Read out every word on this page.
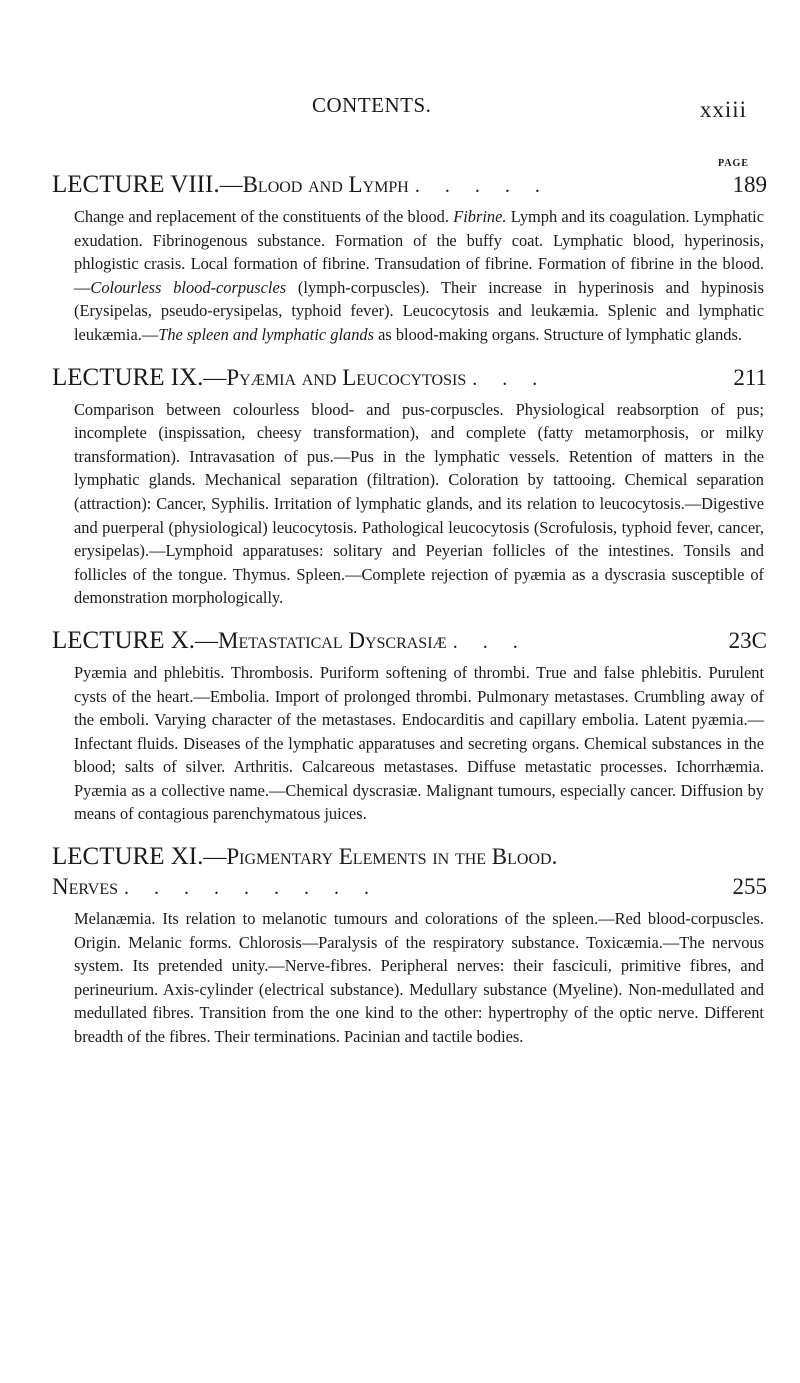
CONTENTS.	xxiii
PAGE
LECTURE VIII. —Blood and Lymph . . . . .	189

Change and replacement of the constituents of the blood. Fibrine. Lymph and its coagulation. Lymphatic exudation. Fibrinogenous substance. Formation of the buffy coat. Lymphatic blood, hyperinosis, phlogistic crasis. Local formation of fibrine. Transudation of fibrine. Formation of fibrine in the blood.—Colourless blood-corpuscles (lymph-corpuscles). Their increase in hyperinosis and hypinosis (Erysipelas, pseudo-erysipelas, typhoid fever). Leucocytosis and leukæmia. Splenic and lymphatic leukæmia.—The spleen and lymphatic glands as blood-making organs. Structure of lymphatic glands.

LECTURE IX. —Pyæmia and Leucocytosis . . .	211

Comparison between colourless blood- and pus-corpuscles. Physiological reabsorption of pus; incomplete (inspissation, cheesy transformation), and complete (fatty metamorphosis, or milky transformation). Intravasation of pus.—Pus in the lymphatic vessels. Retention of matters in the lymphatic glands. Mechanical separation (filtration). Coloration by tattooing. Chemical separation (attraction): Cancer, Syphilis. Irritation of lymphatic glands, and its relation to leucocytosis.—Digestive and puerperal (physiological) leucocytosis. Pathological leucocytosis (Scrofulosis, typhoid fever, cancer, erysipelas).—Lymphoid apparatuses: solitary and Peyerian follicles of the intestines. Tonsils and follicles of the tongue. Thymus. Spleen.—Complete rejection of pyæmia as a dyscrasia susceptible of demonstration morphologically.

LECTURE X. —Metastatical Dyscrasiæ . . .	23C

Pyæmia and phlebitis. Thrombosis. Puriform softening of thrombi. True and false phlebitis. Purulent cysts of the heart.—Embolia. Import of prolonged thrombi. Pulmonary metastases. Crumbling away of the emboli. Varying character of the metastases. Endocarditis and capillary embolia. Latent pyæmia.—Infectant fluids. Diseases of the lymphatic apparatuses and secreting organs. Chemical substances in the blood; salts of silver. Arthritis. Calcareous metastases. Diffuse metastatic processes. Ichorrhæmia. Pyæmia as a collective name.—Chemical dyscrasiæ. Malignant tumours, especially cancer. Diffusion by means of contagious parenchymatous juices.

LECTURE XI.—Pigmentary Elements in the Blood.
Nerves . . . . . . . . .	255

Melanæmia. Its relation to melanotic tumours and colorations of the spleen.—Red blood-corpuscles. Origin. Melanic forms. Chlorosis—Paralysis of the respiratory substance. Toxicæmia.—The nervous system. Its pretended unity.—Nerve-fibres. Peripheral nerves: their fasciculi, primitive fibres, and perineurium. Axis-cylinder (electrical substance). Medullary substance (Myeline). Non-medullated and medullated fibres. Transition from the one kind to the other: hypertrophy of the optic nerve. Different breadth of the fibres. Their terminations. Pacinian and tactile bodies.
